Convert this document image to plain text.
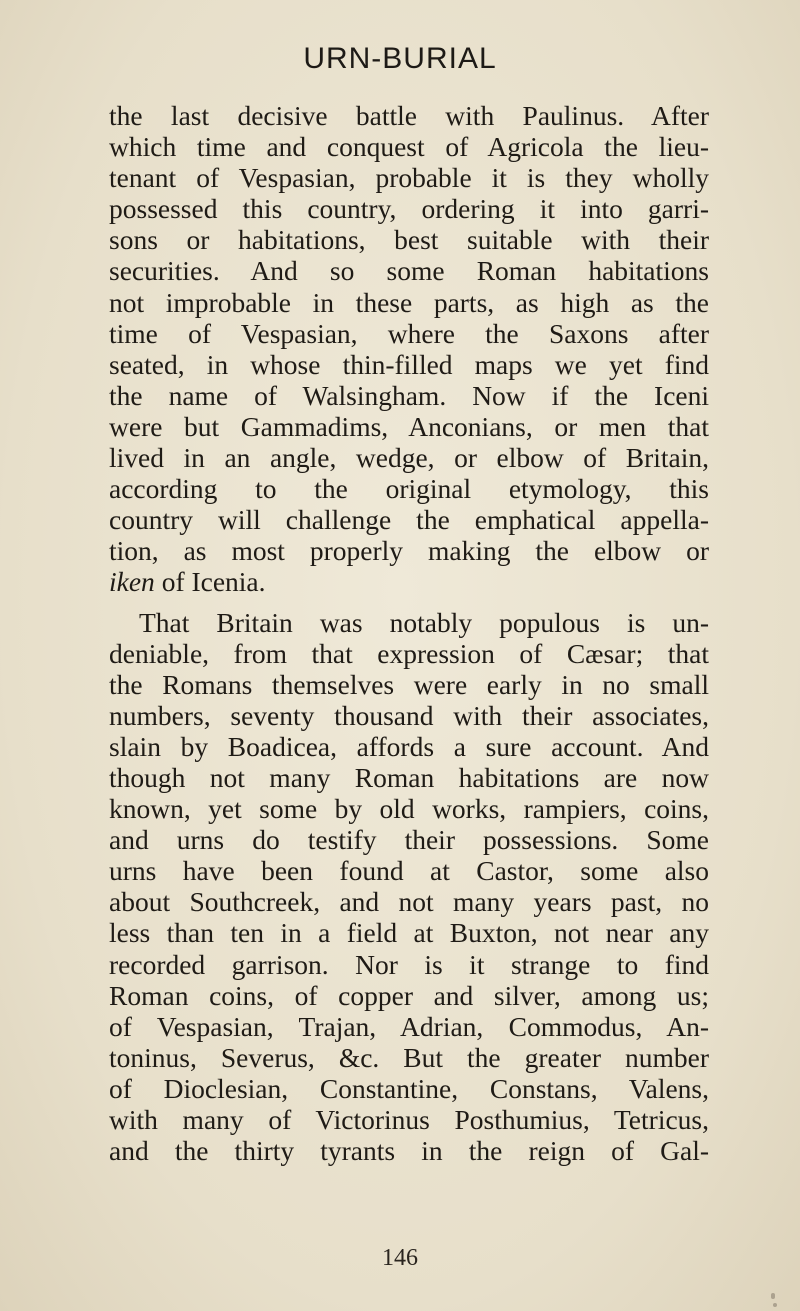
URN-BURIAL
the last decisive battle with Paulinus. After
which time and conquest of Agricola the lieu-
tenant of Vespasian, probable it is they wholly
possessed this country, ordering it into garri-
sons or habitations, best suitable with their
securities. And so some Roman habitations
not improbable in these parts, as high as the
time of Vespasian, where the Saxons after
seated, in whose thin-filled maps we yet find
the name of Walsingham. Now if the Iceni
were but Gammadims, Anconians, or men that
lived in an angle, wedge, or elbow of Britain,
according to the original etymology, this
country will challenge the emphatical appella-
tion, as most properly making the elbow or
iken of Icenia.
That Britain was notably populous is un-
deniable, from that expression of Cæsar; that
the Romans themselves were early in no small
numbers, seventy thousand with their associates,
slain by Boadicea, affords a sure account. And
though not many Roman habitations are now
known, yet some by old works, rampiers, coins,
and urns do testify their possessions. Some
urns have been found at Castor, some also
about Southcreek, and not many years past, no
less than ten in a field at Buxton, not near any
recorded garrison. Nor is it strange to find
Roman coins, of copper and silver, among us;
of Vespasian, Trajan, Adrian, Commodus, An-
toninus, Severus, &c. But the greater number
of Dioclesian, Constantine, Constans, Valens,
with many of Victorinus Posthumius, Tetricus,
and the thirty tyrants in the reign of Gal-
146
